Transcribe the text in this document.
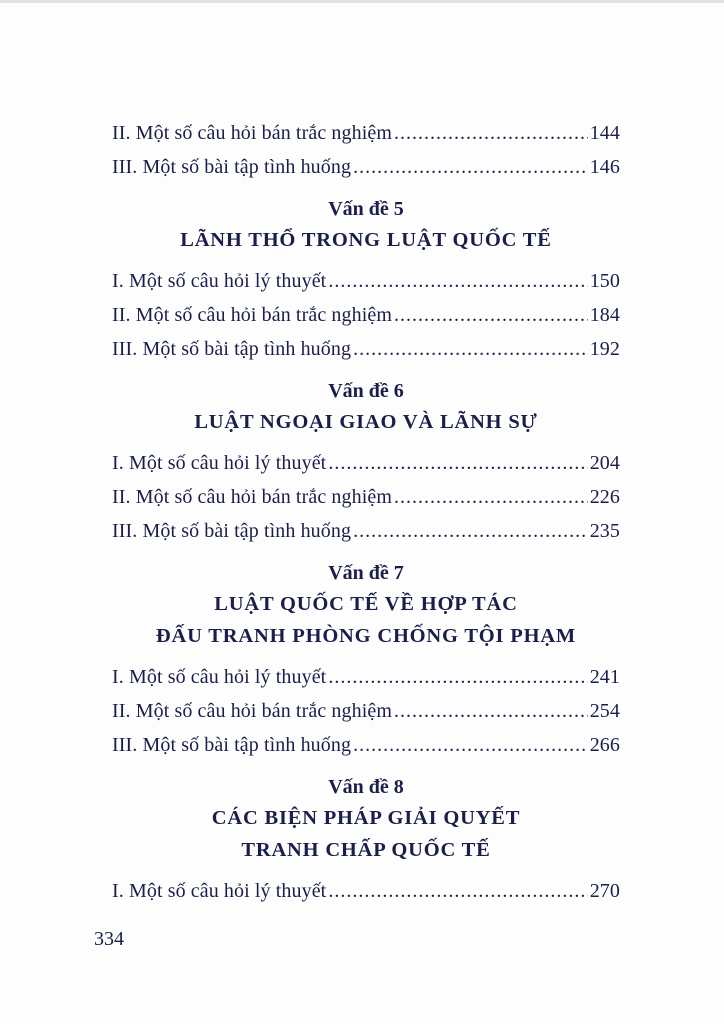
II. Một số câu hỏi bán trắc nghiệm .....	144
III. Một số bài tập tình huống .....	146
Vấn đề 5
LÃNH THỔ TRONG LUẬT QUỐC TẾ
I. Một số câu hỏi lý thuyết .....	150
II. Một số câu hỏi bán trắc nghiệm .....	184
III. Một số bài tập tình huống .....	192
Vấn đề 6
LUẬT NGOẠI GIAO VÀ LÃNH SỰ
I. Một số câu hỏi lý thuyết .....	204
II. Một số câu hỏi bán trắc nghiệm .....	226
III. Một số bài tập tình huống .....	235
Vấn đề 7
LUẬT QUỐC TẾ VỀ HỢP TÁC
ĐẤU TRANH PHÒNG CHỐNG TỘI PHẠM
I. Một số câu hỏi lý thuyết .....	241
II. Một số câu hỏi bán trắc nghiệm .....	254
III. Một số bài tập tình huống .....	266
Vấn đề 8
CÁC BIỆN PHÁP GIẢI QUYẾT
TRANH CHẤP QUỐC TẾ
I. Một số câu hỏi lý thuyết .....	270
334
